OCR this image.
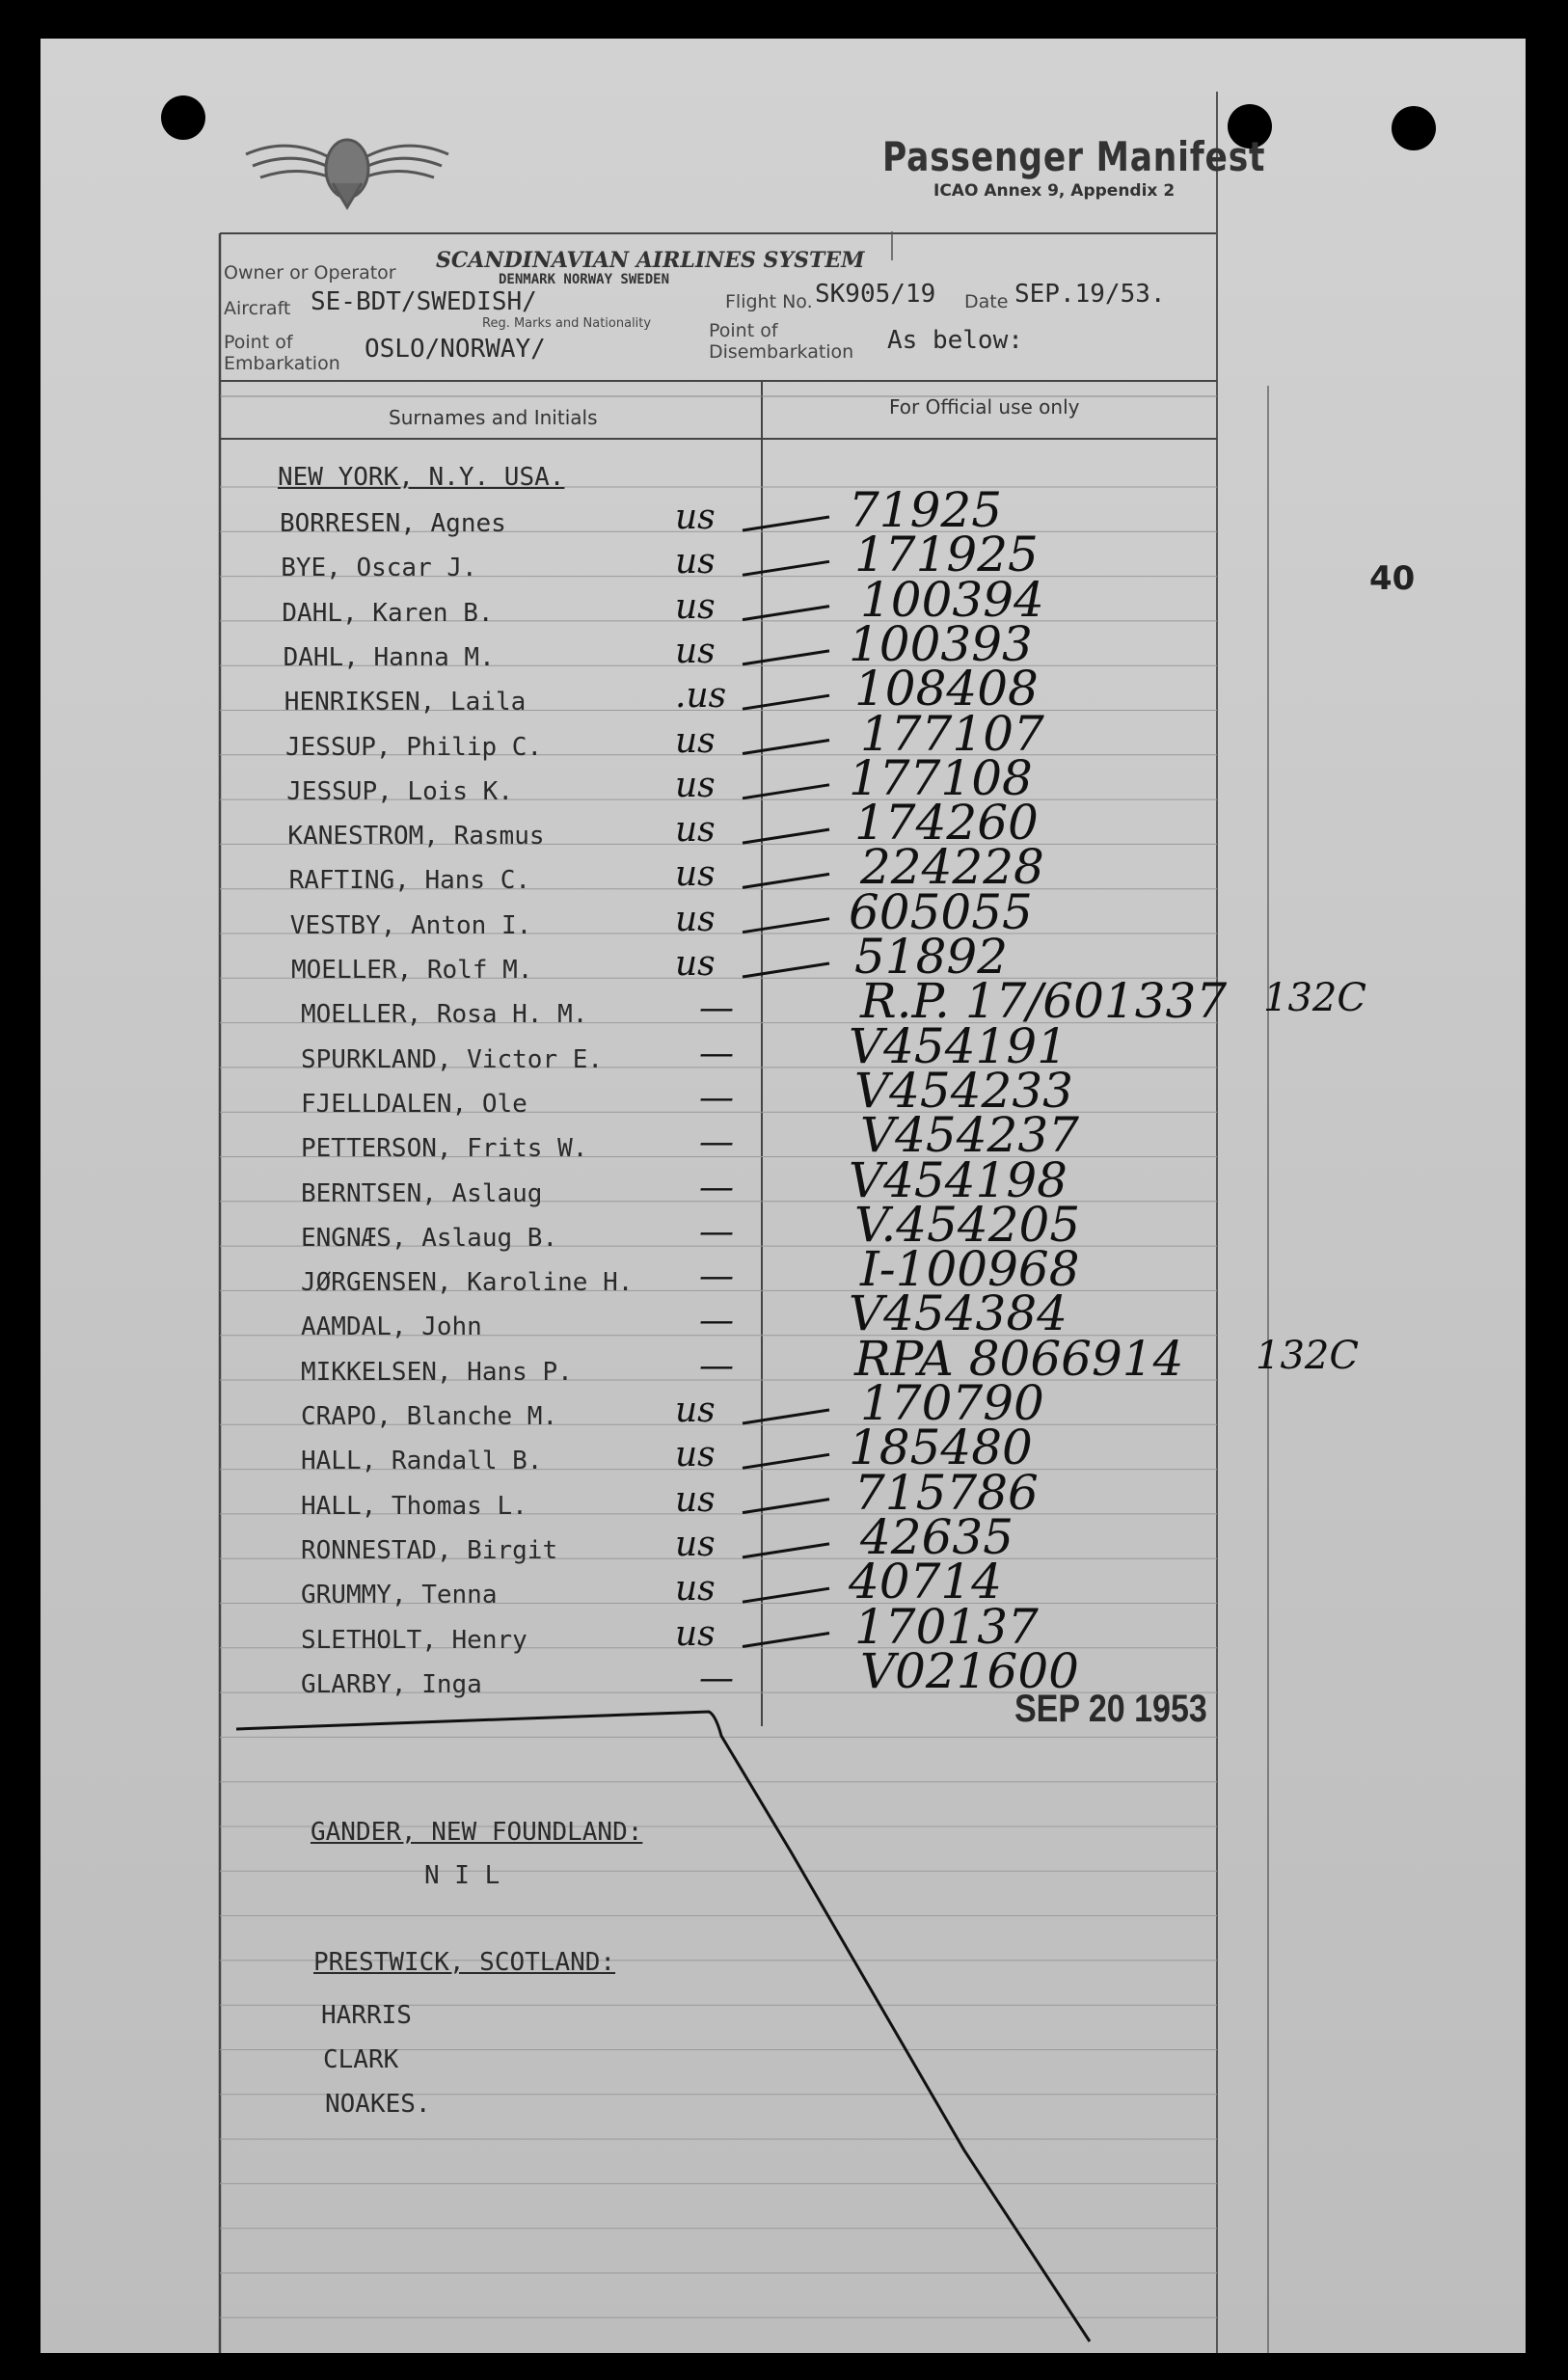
Passenger Manifest
ICAO Annex 9, Appendix 2
40
Owner or Operator SCANDINAVIAN AIRLINES SYSTEM
DENMARK NORWAY SWEDEN
Aircraft SE-BDT/SWEDISH/
Reg. Marks and Nationality
Flight No. SK905/19 Date SEP.19/53.
Point of
Embarkation OSLO/NORWAY/
Point of
Disembarkation As below:
Surnames and Initials	For Official use only
NEW YORK, N.Y. USA.
BORRESEN, Agnes	us	71925
BYE, Oscar J.	us	171925
DAHL, Karen B.	us	100394
DAHL, Hanna M.	us	100393
HENRIKSEN, Laila	.us	108408
JESSUP, Philip C.	us	177107
JESSUP, Lois K.	us	177108
KANESTROM, Rasmus	us	174260
RAFTING, Hans C.	us	224228
VESTBY, Anton I.	us	605055
MOELLER, Rolf M.	us	51892
MOELLER, Rosa H. M.	—	R.P. 17/601337 132C
SPURKLAND, Victor E.	— V454191
FJELLDALEN, Ole	—	V454233
PETTERSON, Frits W.	—	V454237
BERNTSEN, Aslaug	— V454198
ENGNÆS, Aslaug B.	—	V.454205
JØRGENSEN, Karoline H. —	I-100968
AAMDAL, John	— V454384
MIKKELSEN, Hans P.	—	RPA 8066914 132C
CRAPO, Blanche M.	us	170790
HALL, Randall B.	us	185480
HALL, Thomas L.	us	715786
RONNESTAD, Birgit	us	42635
GRUMMY, Tenna	us	40714
SLETHOLT, Henry	us	170137
GLARBY, Inga	—	V021600
SEP 20 1953
GANDER, NEW FOUNDLAND:
N I L
PRESTWICK, SCOTLAND:
HARRIS
CLARK
NOAKES.
